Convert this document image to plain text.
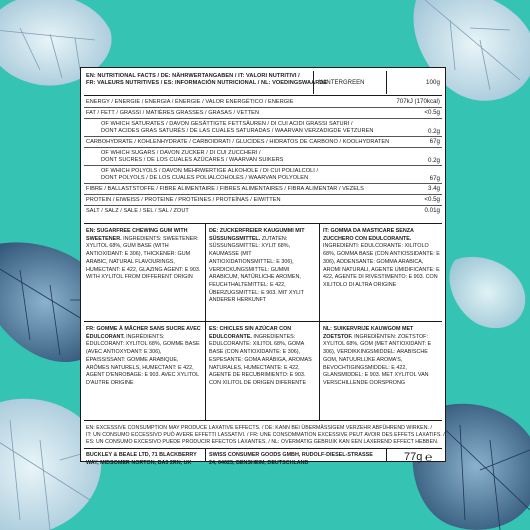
EN: NUTRITIONAL FACTS / DE: NÄHRWERTANGABEN / IT: VALORI NUTRITIVI /

FR: VALEURS NUTRITIVES / ES: INFORMACIÓN NUTRICIONAL / NL: VOEDINGSWAARDE

WINTERGREEN	100g

ENERGY / ENERGIE / ENERGIA / ÉNERGIE / VALOR ENERGÉTICO / ENERGIE	707kJ (170kcal)

FAT / FETT / GRASSI / MATIÈRES GRASSES / GRASAS / VETTEN	<0.5g

OF WHICH SATURATES / DAVON GESÄTTIGTE FETTSÄUREN / DI CUI ACIDI GRASSI SATURI /

DONT ACIDES GRAS SATURÉS / DE LAS CUALES SATURADAS / WAARVAN VERZADIGDE VETZUREN	0.2g

CARBOHYDRATE / KOHLENHYDRATE / CARBOIDRATI / GLUCIDES / HIDRATOS DE CARBONO / KOOLHYDRATEN	67g

OF WHICH SUGARS / DAVON ZUCKER / DI CUI ZUCCHERI /

DONT SUCRES / DE LOS CUALES AZÚCARES / WAARVAN SUIKERS	0.2g

OF WHICH POLYOLS / DAVON MEHRWERTIGE ALKOHOLE / DI CUI POLIALCOLI /

DONT POLYOLS / DE LOS CUALES POLIALCOHOLES / WAARVAN POLYOLEN	67g

FIBRE / BALLASTSTOFFE / FIBRE ALIMENTAIRE / FIBRES ALIMENTAIRES / FIBRA ALIMENTAR / VEZELS	3.4g

PROTEIN / EIWEISS / PROTEINE / PROTÉINES / PROTEÍNAS / EIWITTEN	<0.5g

SALT / SALZ / SALE / SEL / SAL / ZOUT	0.01g
EN: SUGARFREE CHEWING GUM WITH SWEETENER. INGREDIENTS: SWEETENER: XYLITOL 68%, GUM BASE (WITH ANTIOXIDANT: E 306), THICKENER: GUM ARABIC, NATURAL FLAVOURINGS, HUMECTANT: E 422, GLAZING AGENT: E 903. WITH XYLITOL FROM DIFFERENT ORIGIN
DE: ZUCKERFREIER KAUGUMMI MIT SÜSSUNGSMITTEL. ZUTATEN: SÜSSUNGSMITTEL: XYLIT 68%, KAUMASSE (MIT ANTIOXIDATIONSMITTEL: E 306), VERDICKUNGSMITTEL: GUMMI ARABICUM, NATÜRLICHE AROMEN, FEUCHTHALTEMITTEL: E 422, ÜBERZUGSMITTEL: E 903. MIT XYLIT ANDERER HERKUNFT
IT: GOMMA DA MASTICARE SENZA ZUCCHERO CON EDULCORANTE. INGREDIENTI: EDULCORANTE: XILITOLO 68%, GOMMA BASE (CON ANTIOSSIDANTE: E 306), ADDENSANTE: GOMMA ARABICA, AROMI NATURALI, AGENTE UMIDIFICANTE: E 422, AGENTE DI RIVESTIMENTO: E 903. CON XILITOLO DI ALTRA ORIGINE
FR: GOMME À MÂCHER SANS SUCRE AVEC ÉDULCORANT. INGRÉDIENTS: ÉDULCORANT: XYLITOL 68%, GOMME BASE (AVEC ANTIOXYDANT: E 306), ÉPAISSISSANT: GOMME ARABIQUE, ARÔMES NATURELS, HUMECTANT: E 422, AGENT D'ENROBAGE: E 903. AVEC XYLITOL D'AUTRE ORIGINE
ES: CHICLES SIN AZÚCAR CON EDULCORANTE. INGREDIENTES: EDULCORANTE: XILITOL 68%, GOMA BASE (CON ANTIOXIDANTE: E 306), ESPESANTE: GOMA ARÁBIGA, AROMAS NATURALES, HUMECTANTE: E 422, AGENTE DE RECUBRIMIENTO: E 903. CON XILITOL DE ORIGEN DIFERENTE
NL: SUIKERVRIJE KAUWGOM MET ZOETSTOF. INGREDIËNTEN: ZOETSTOF: XYLITOL 68%, GOM (MET ANTIOXIDANT: E 306), VERDIKKINGSMIDDEL: ARABISCHE GOM, NATUURLIJKE AROMA'S, BEVOCHTIGINGSMIDDEL: E 422, GLANSMIDDEL: E 903. MET XYLITOL VAN VERSCHILLENDE OORSPRONG

EN: EXCESSIVE CONSUMPTION MAY PRODUCE LAXATIVE EFFECTS. / DE: KANN BEI ÜBERMÄSSIGEM VERZEHR ABFÜHREND WIRKEN. /

IT: UN CONSUMO ECCESSIVO PUÒ AVERE EFFETTI LASSATIVI. / FR: UNE CONSOMMATION EXCESSIVE PEUT AVOIR DES EFFETS LAXATIFS. /

ES: UN CONSUMO EXCESIVO PUEDE PRODUCIR EFECTOS LAXANTES. / NL: OVERMATIG GEBRUIK KAN EEN LAXEREND EFFECT HEBBEN.

BUCKLEY & BEALE LTD, 71 BLACKBERRY WAY, MIDSOMER NORTON, BA3 2RN, UK
SWISS CONSUMER GOODS GMBH, RUDOLF-DIESEL-STRASSE 24, 64625, BENSHEIM, DEUTSCHLAND	77g ℮
